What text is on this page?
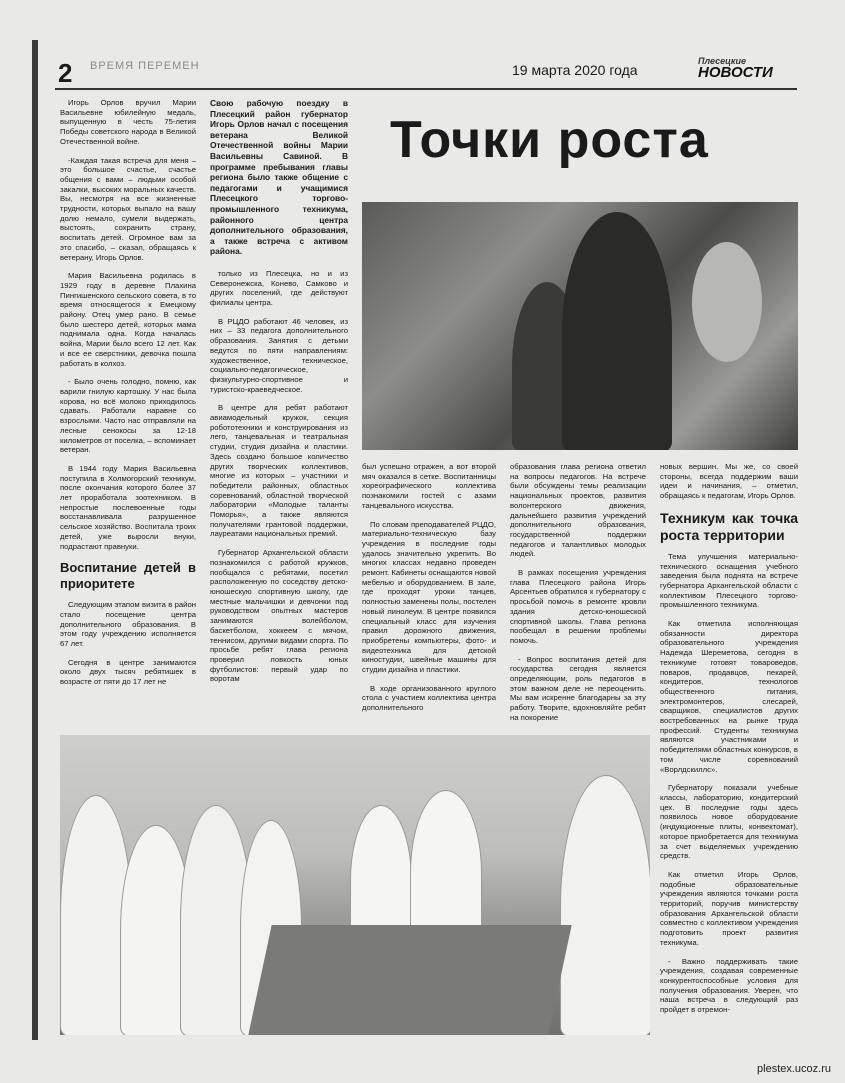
2 ВРЕМЯ ПЕРЕМЕН	19 марта 2020 года
Плесецкие
НОВОСТИ
Точки роста

Игорь Орлов вручил Марии Васильевне юбилейную медаль, выпущенную в честь 75-летия Победы советского народа в Великой Отечественной войне.

-Каждая такая встреча для меня – это большое счастье, счастье общения с вами – людьми особой закалки, высоких моральных качеств. Вы, несмотря на все жизненные трудности, которых выпало на вашу долю немало, сумели выдержать, выстоять, сохранить страну, воспитать детей. Огромное вам за это спасибо, – сказал, обращаясь к ветерану, Игорь Орлов.

Мария Васильевна родилась в 1929 году в деревне Плахина Пингишенского сельского совета, в то время относящегося к Емецкому району. Отец умер рано. В семье было шестеро детей, которых мама поднимала одна. Когда началась война, Марии было всего 12 лет. Как и все ее сверстники, девочка пошла работать в колхоз.

- Было очень голодно, помню, как варили гнилую картошку. У нас была корова, но всё молоко приходилось сдавать. Работали наравне со взрослыми. Часто нас отправляли на лесные сенокосы за 12-18 километров от поселка, – вспоминает ветеран.

В 1944 году Мария Васильевна поступила в Холмогорский техникум, после окончания которого более 37 лет проработала зоотехником. В непростые послевоенные годы восстанавливала разрушенное сельское хозяйство. Воспитала троих детей, уже выросли внуки, подрастают правнуки.

Воспитание детей в приоритете

Следующим этапом визита в район стало посещение центра дополнительного образования. В этом году учреждению исполняется 67 лет.

Сегодня в центре занимаются около двух тысяч ребятишек в возрасте от пяти до 17 лет не

Свою рабочую поездку в Плесецкий район губернатор Игорь Орлов начал с посещения ветерана Великой Отечественной войны Марии Васильевны Савиной. В программе пребывания главы региона было также общение с педагогами и учащимися Плесецкого торгово-промышленного техникума, районного центра дополнительного образования, а также встреча с активом района.

только из Плесецка, но и из Северонежска, Конево, Самково и других поселений, где действуют филиалы центра.

В РЦДО работают 46 человек, из них – 33 педагога дополнительного образования. Занятия с детьми ведутся по пяти направлениям: художественное, техническое, социально-педагогическое, физкультурно-спортивное и туристско-краеведческое.

В центре для ребят работают авиамодельный кружок, секция робототехники и конструирования из лего, танцевальная и театральная студии, студия дизайна и пластики. Здесь создано большое количество других творческих коллективов, многие из которых – участники и победители районных, областных соревнований, областной творческой лаборатории «Молодые таланты Поморья», а также являются получателями грантовой поддержки, лауреатами национальных премий.

Губернатор Архангельской области познакомился с работой кружков, пообщался с ребятами, посетил расположенную по соседству детско-юношескую спортивную школу, где местные мальчишки и девчонки под руководством опытных мастеров занимаются волейболом, баскетболом, хоккеем с мячом, теннисом, другими видами спорта. По просьбе ребят глава региона проверил ловкость юных футболистов: первый удар по воротам

был успешно отражен, а вот второй мяч оказался в сетке. Воспитанницы хореографического коллектива познакомили гостей с азами танцевального искусства.

По словам преподавателей РЦДО, материально-техническую базу учреждения в последние годы удалось значительно укрепить. Во многих классах недавно проведен ремонт. Кабинеты оснащаются новой мебелью и оборудованием. В зале, где проходят уроки танцев, полностью заменены полы, постелен новый линолеум. В центре появился специальный класс для изучения правил дорожного движения, приобретены компьютеры, фото- и видеотехника для детской киностудии, швейные машины для студии дизайна и пластики.

В ходе организованного круглого стола с участием коллектива центра дополнительного

образования глава региона ответил на вопросы педагогов. На встрече были обсуждены темы реализации национальных проектов, развития волонтерского движения, дальнейшего развития учреждений дополнительного образования, государственной поддержки педагогов и талантливых молодых людей.

В рамках посещения учреждения глава Плесецкого района Игорь Арсентьев обратился к губернатору с просьбой помочь в ремонте кровли здания детско-юношеской спортивной школы. Глава региона пообещал в решении проблемы помочь.

- Вопрос воспитания детей для государства сегодня является определяющим, роль педагогов в этом важном деле не переоценить. Мы вам искренне благодарны за эту работу. Творите, вдохновляйте ребят на покорение

новых вершин. Мы же, со своей стороны, всегда поддержим ваши идеи и начинания, – отметил, обращаясь к педагогам, Игорь Орлов.

Техникум как точка роста территории

Тема улучшения материально-технического оснащения учебного заведения была поднята на встрече губернатора Архангельской области с коллективом Плесецкого торгово-промышленного техникума.

Как отметила исполняющая обязанности директора образовательного учреждения Надежда Шереметова, сегодня в техникуме готовят товароведов, поваров, продавцов, пекарей, кондитеров, технологов общественного питания, электромонтеров, слесарей, сварщиков, специалистов других востребованных на рынке труда профессий. Студенты техникума являются участниками и победителями областных конкурсов, в том числе соревнований «Ворлдскиллс».

Губернатору показали учебные классы, лабораторию, кондитерский цех. В последние годы здесь появилось новое оборудование (индукционные плиты, конвектомат), которое приобретается для техникума за счет выделяемых учреждению средств.

Как отметил Игорь Орлов, подобные образовательные учреждения являются точками роста территорий, поручив министерству образования Архангельской области совместно с коллективом учреждения подготовить проект развития техникума.

- Важно поддерживать такие учреждения, создавая современные конкурентоспособные условия для получения образования. Уверен, что наша встреча в следующий раз пройдет в отремон-

plestex.ucoz.ru
